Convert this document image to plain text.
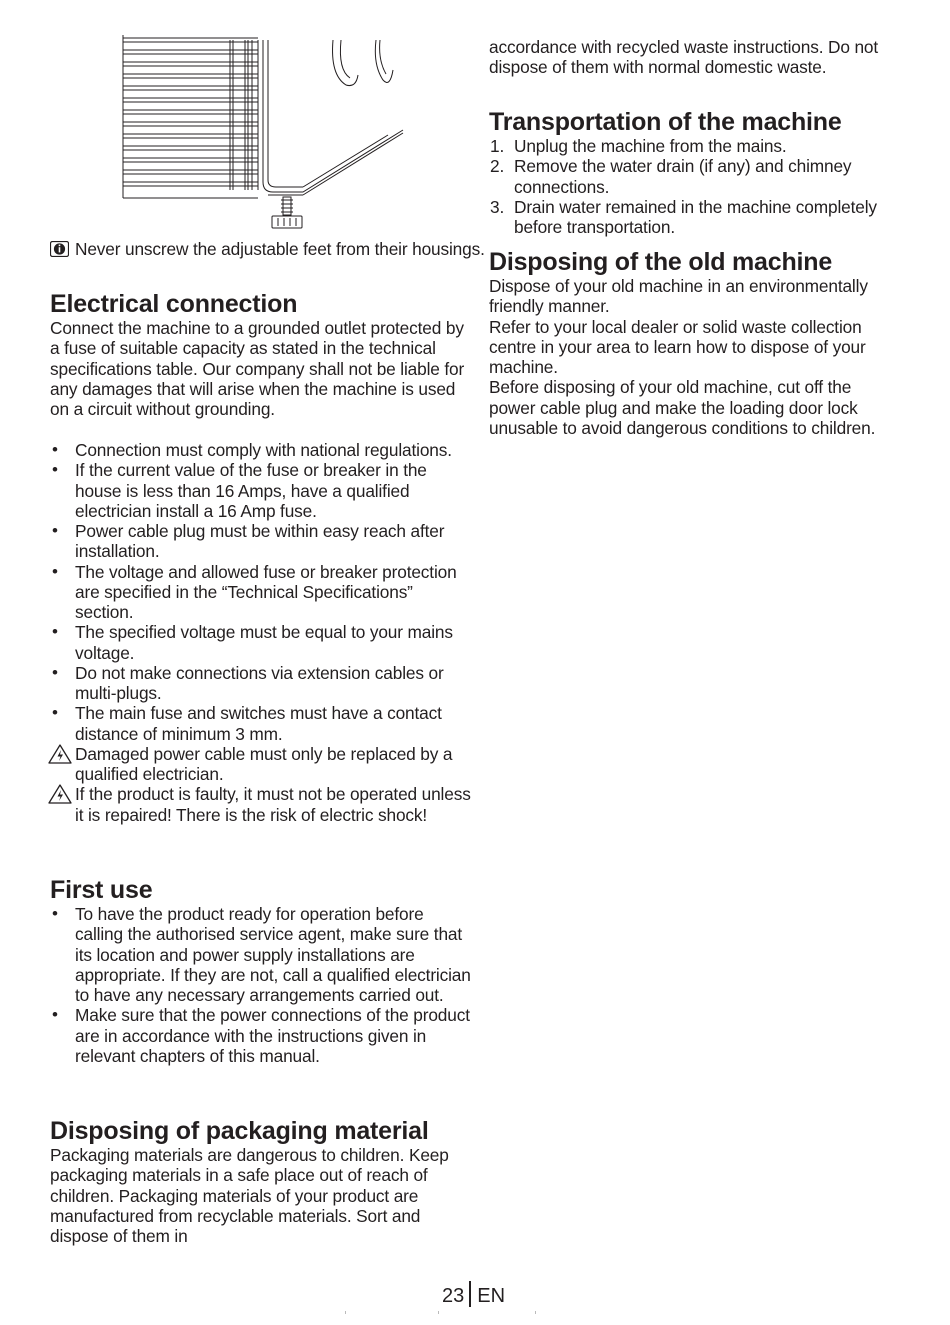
Never unscrew the adjustable feet from their housings.
Electrical connection

Connect the machine to a grounded outlet protected by a fuse of suitable capacity as stated in the technical specifications table. Our company shall not be liable for any damages that will arise when the machine is used on a circuit without grounding.

• Connection must comply with national regulations.
• If the current value of the fuse or breaker in the house is less than 16 Amps, have a qualified electrician install a 16 Amp fuse.
• Power cable plug must be within easy reach after installation.
• The voltage and allowed fuse or breaker protection are specified in the “Technical Specifications” section.
• The specified voltage must be equal to your mains voltage.
• Do not make connections via extension cables or multi-plugs.
• The main fuse and switches must have a contact distance of minimum 3 mm.
Damaged power cable must only be replaced by a qualified electrician.
If the product is faulty, it must not be operated unless it is repaired! There is the risk of electric shock!
First use
• To have the product ready for operation before calling the authorised service agent, make sure that its location and power supply installations are appropriate. If they are not, call a qualified electrician to have any necessary arrangements carried out.
• Make sure that the power connections of the product are in accordance with the instructions given in relevant chapters of this manual.
Disposing of packaging material

Packaging materials are dangerous to children. Keep packaging materials in a safe place out of reach of children. Packaging materials of your product are manufactured from recyclable materials. Sort and dispose of them in

accordance with recycled waste instructions. Do not dispose of them with normal domestic waste.

Transportation of the machine
1. Unplug the machine from the mains.
2. Remove the water drain (if any) and chimney connections.
3. Drain water remained in the machine completely before transportation.
Disposing of the old machine

Dispose of your old machine in an environmentally friendly manner.

Refer to your local dealer or solid waste collection centre in your area to learn how to dispose of your machine.

Before disposing of your old machine, cut off the power cable plug and make the loading door lock unusable to avoid dangerous conditions to children.

23 EN
